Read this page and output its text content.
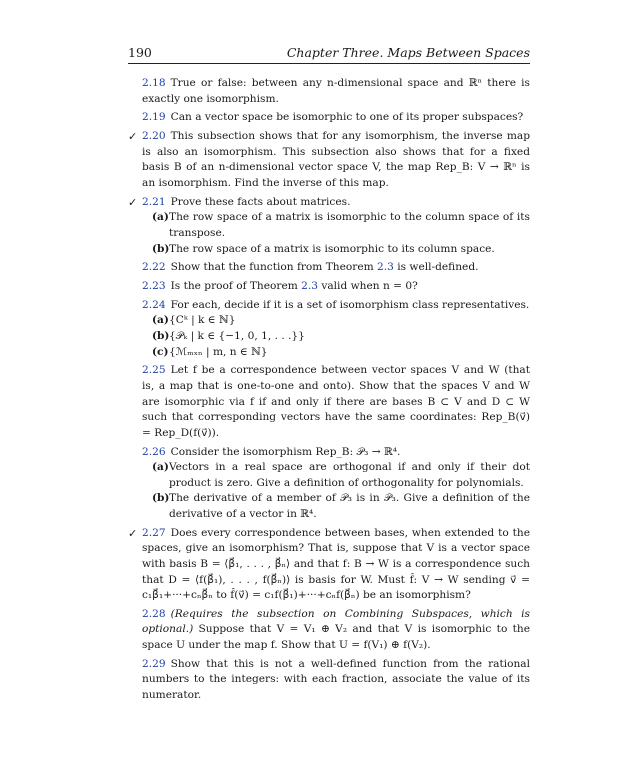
190	Chapter Three. Maps Between Spaces

2.18 True or false: between any n-dimensional space and ℝⁿ there is exactly one isomorphism.

2.19 Can a vector space be isomorphic to one of its proper subspaces?

✓ 2.20 This subsection shows that for any isomorphism, the inverse map is also an isomorphism. This subsection also shows that for a fixed basis B of an n-dimensional vector space V, the map Rep_B: V → ℝⁿ is an isomorphism. Find the inverse of this map.

✓ 2.21 Prove these facts about matrices.

(a) The row space of a matrix is isomorphic to the column space of its transpose.

(b) The row space of a matrix is isomorphic to its column space.

2.22 Show that the function from Theorem 2.3 is well-defined.

2.23 Is the proof of Theorem 2.3 valid when n = 0?

2.24 For each, decide if it is a set of isomorphism class representatives.

(a) {Cᵏ | k ∈ ℕ}

(b) {𝒫ₖ | k ∈ {−1, 0, 1, . . .}}

(c) {ℳₘₓₙ | m, n ∈ ℕ}

2.25 Let f be a correspondence between vector spaces V and W (that is, a map that is one-to-one and onto). Show that the spaces V and W are isomorphic via f if and only if there are bases B ⊂ V and D ⊂ W such that corresponding vectors have the same coordinates: Rep_B(v⃗) = Rep_D(f(v⃗)).

2.26 Consider the isomorphism Rep_B: 𝒫₃ → ℝ⁴.

(a) Vectors in a real space are orthogonal if and only if their dot product is zero. Give a definition of orthogonality for polynomials.

(b) The derivative of a member of 𝒫₃ is in 𝒫₃. Give a definition of the derivative of a vector in ℝ⁴.

✓ 2.27 Does every correspondence between bases, when extended to the spaces, give an isomorphism? That is, suppose that V is a vector space with basis B = ⟨β⃗₁, . . . , β⃗ₙ⟩ and that f: B → W is a correspondence such that D = ⟨f(β⃗₁), . . . , f(β⃗ₙ)⟩ is basis for W. Must f̂: V → W sending v⃗ = c₁β⃗₁+···+cₙβ⃗ₙ to f̂(v⃗) = c₁f(β⃗₁)+···+cₙf(β⃗ₙ) be an isomorphism?

2.28 (Requires the subsection on Combining Subspaces, which is optional.) Suppose that V = V₁ ⊕ V₂ and that V is isomorphic to the space U under the map f. Show that U = f(V₁) ⊕ f(V₂).

2.29 Show that this is not a well-defined function from the rational numbers to the integers: with each fraction, associate the value of its numerator.
